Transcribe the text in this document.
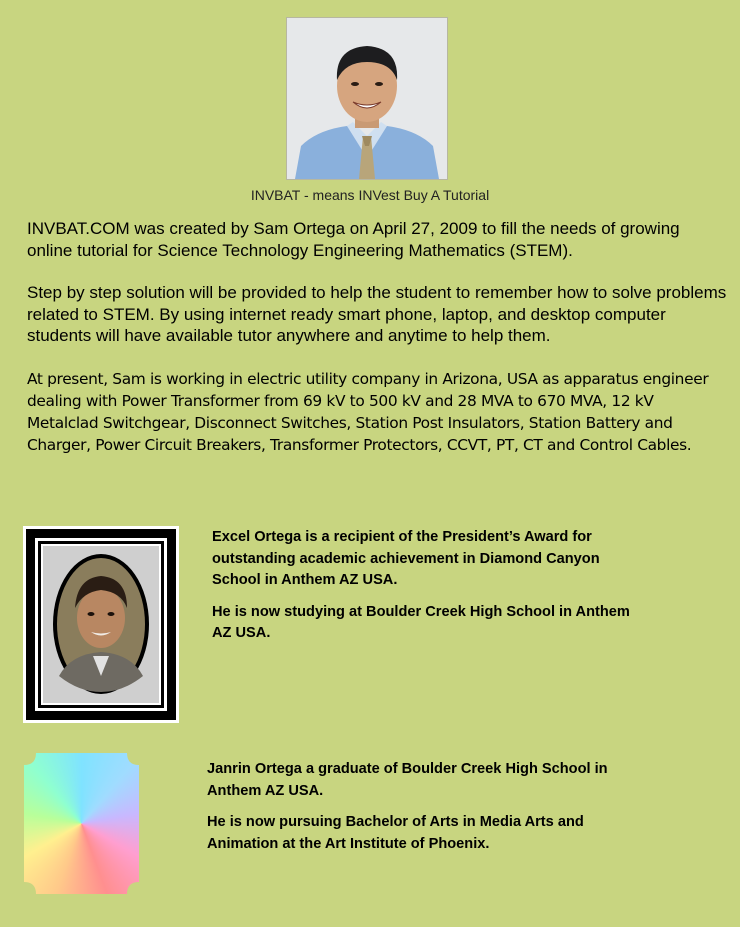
INVBAT - means INVest Buy A Tutorial

INVBAT.COM was created by Sam Ortega on April 27, 2009 to fill the needs of growing online tutorial for Science Technology Engineering Mathematics (STEM).

Step by step solution will be provided to help the student to remember how to solve problems related to STEM. By using internet ready smart phone, laptop, and desktop computer students will have available tutor anywhere and anytime to help them.

At present, Sam is working in electric utility company in Arizona, USA as apparatus engineer dealing with Power Transformer from 69 kV to 500 kV and 28 MVA to 670 MVA, 12 kV Metalclad Switchgear, Disconnect Switches, Station Post Insulators, Station Battery and Charger, Power Circuit Breakers, Transformer Protectors, CCVT, PT, CT and Control Cables.

Excel Ortega is a recipient of the President’s Award for outstanding academic achievement in Diamond Canyon School in Anthem AZ USA.

He is now studying at Boulder Creek High School in Anthem AZ USA.

Janrin Ortega a graduate of Boulder Creek High School in Anthem AZ USA.

He is now pursuing Bachelor of Arts in Media Arts and Animation at the Art Institute of Phoenix.
